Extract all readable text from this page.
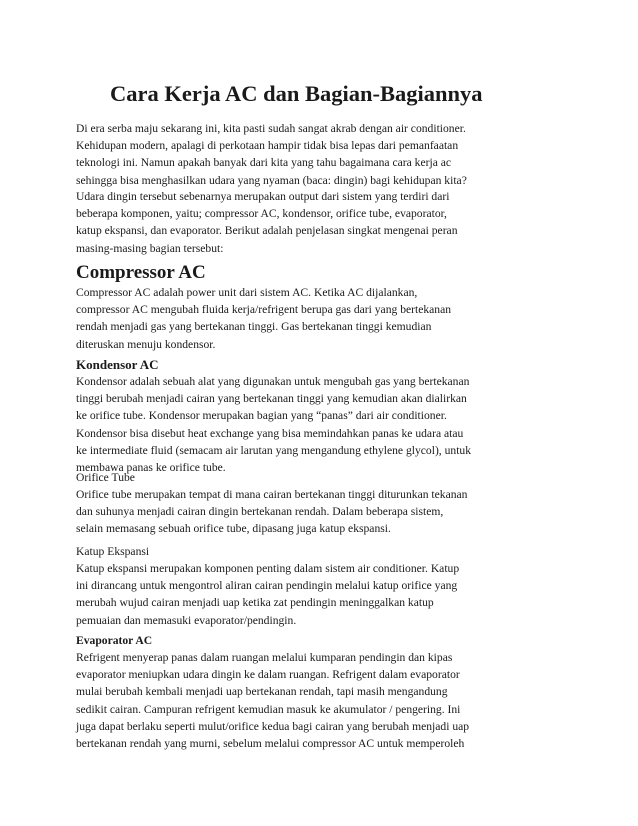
Cara Kerja AC dan Bagian-Bagiannya

Di era serba maju sekarang ini, kita pasti sudah sangat akrab dengan air conditioner.
Kehidupan modern, apalagi di perkotaan hampir tidak bisa lepas dari pemanfaatan
teknologi ini. Namun apakah banyak dari kita yang tahu bagaimana cara kerja ac
sehingga bisa menghasilkan udara yang nyaman (baca: dingin) bagi kehidupan kita?

Udara dingin tersebut sebenarnya merupakan output dari sistem yang terdiri dari
beberapa komponen, yaitu; compressor AC, kondensor, orifice tube, evaporator,
katup ekspansi, dan evaporator. Berikut adalah penjelasan singkat mengenai peran
masing-masing bagian tersebut:

Compressor AC

Compressor AC adalah power unit dari sistem AC. Ketika AC dijalankan,
compressor AC mengubah fluida kerja/refrigent berupa gas dari yang bertekanan
rendah menjadi gas yang bertekanan tinggi. Gas bertekanan tinggi kemudian
diteruskan menuju kondensor.

Kondensor AC

Kondensor adalah sebuah alat yang digunakan untuk mengubah gas yang bertekanan
tinggi berubah menjadi cairan yang bertekanan tinggi yang kemudian akan dialirkan
ke orifice tube. Kondensor merupakan bagian yang “panas” dari air conditioner.
Kondensor bisa disebut heat exchange yang bisa memindahkan panas ke udara atau
ke intermediate fluid (semacam air larutan yang mengandung ethylene glycol), untuk
membawa panas ke orifice tube.

Orifice Tube

Orifice tube merupakan tempat di mana cairan bertekanan tinggi diturunkan tekanan
dan suhunya menjadi cairan dingin bertekanan rendah. Dalam beberapa sistem,
selain memasang sebuah orifice tube, dipasang juga katup ekspansi.

Katup Ekspansi

Katup ekspansi merupakan komponen penting dalam sistem air conditioner. Katup
ini dirancang untuk mengontrol aliran cairan pendingin melalui katup orifice yang
merubah wujud cairan menjadi uap ketika zat pendingin meninggalkan katup
pemuaian dan memasuki evaporator/pendingin.

Evaporator AC

Refrigent menyerap panas dalam ruangan melalui kumparan pendingin dan kipas
evaporator meniupkan udara dingin ke dalam ruangan. Refrigent dalam evaporator
mulai berubah kembali menjadi uap bertekanan rendah, tapi masih mengandung
sedikit cairan. Campuran refrigent kemudian masuk ke akumulator / pengering. Ini
juga dapat berlaku seperti mulut/orifice kedua bagi cairan yang berubah menjadi uap
bertekanan rendah yang murni, sebelum melalui compressor AC untuk memperoleh
